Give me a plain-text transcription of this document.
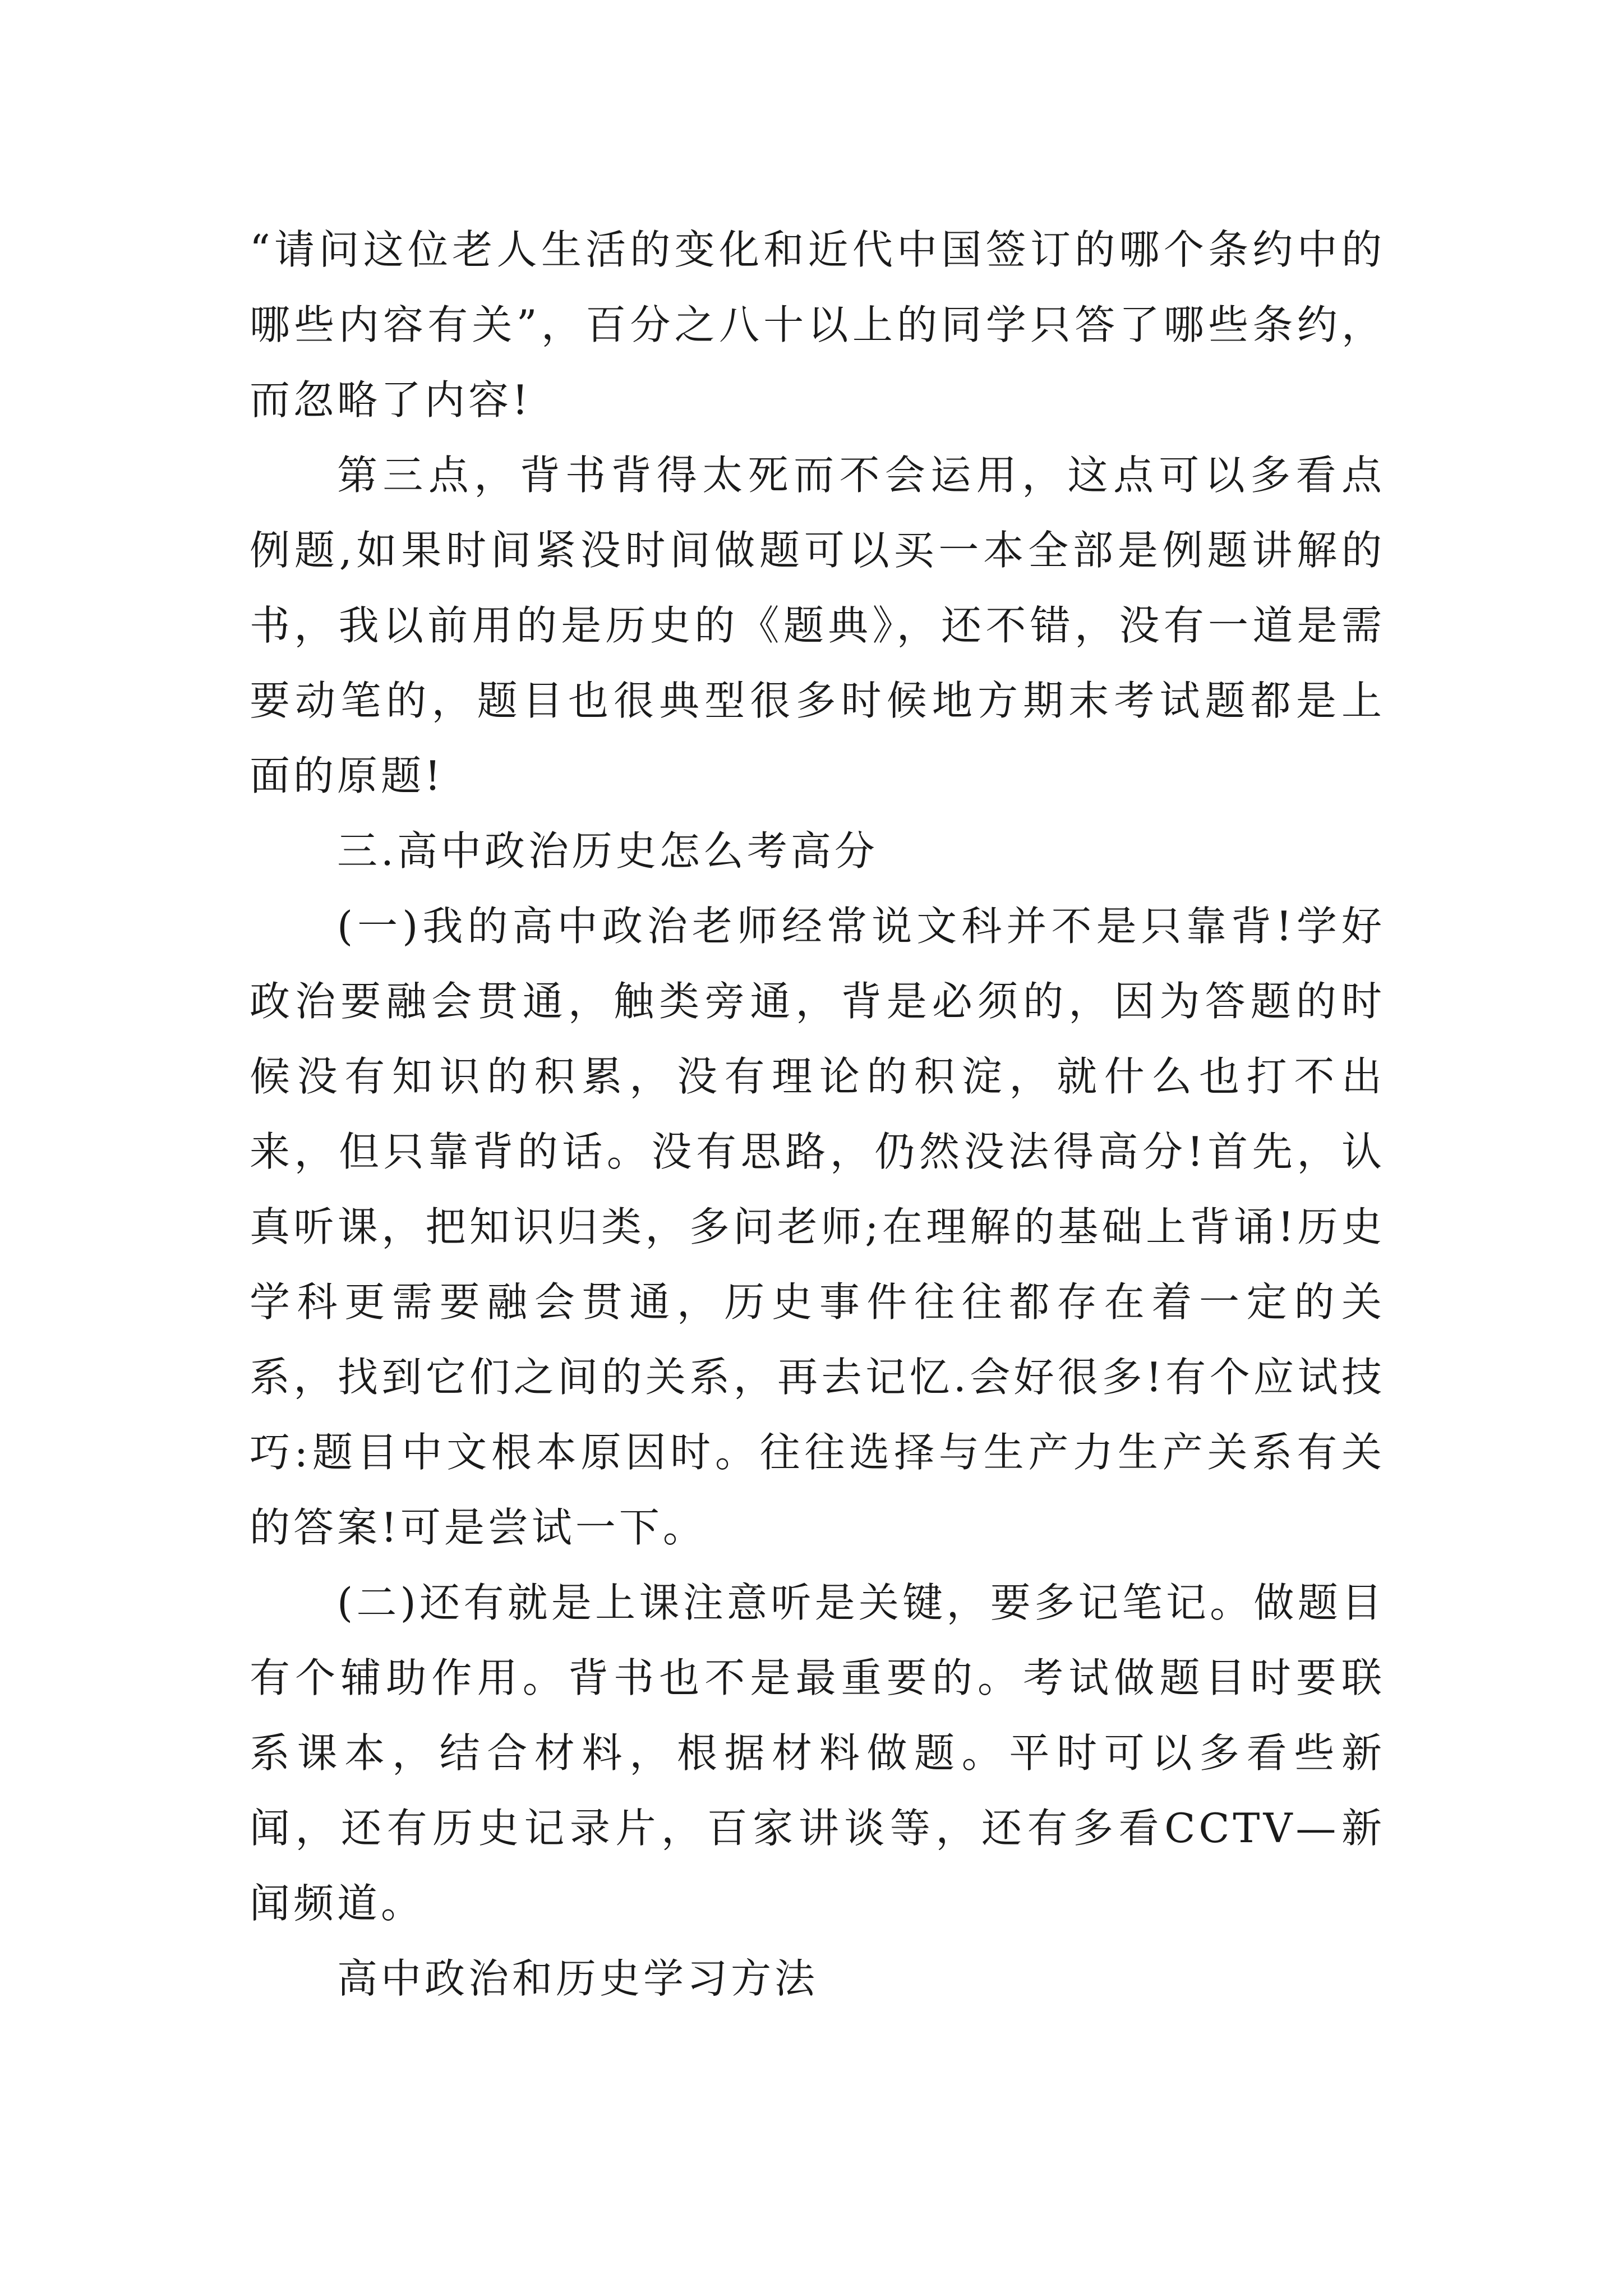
“请问这位老人生活的变化和近代中国签订的哪个条约中的哪些内容有关”，百分之八十以上的同学只答了哪些条约，而忽略了内容!

第三点，背书背得太死而不会运用，这点可以多看点例题,如果时间紧没时间做题可以买一本全部是例题讲解的书，我以前用的是历史的《题典》，还不错，没有一道是需要动笔的，题目也很典型很多时候地方期末考试题都是上面的原题!

三.高中政治历史怎么考高分

(一)我的高中政治老师经常说文科并不是只靠背!学好政治要融会贯通，触类旁通，背是必须的，因为答题的时候没有知识的积累，没有理论的积淀，就什么也打不出来，但只靠背的话。没有思路，仍然没法得高分!首先，认真听课，把知识归类，多问老师;在理解的基础上背诵!历史学科更需要融会贯通，历史事件往往都存在着一定的关系，找到它们之间的关系，再去记忆.会好很多!有个应试技巧:题目中文根本原因时。往往选择与生产力生产关系有关的答案!可是尝试一下。

(二)还有就是上课注意听是关键，要多记笔记。做题目有个辅助作用。背书也不是最重要的。考试做题目时要联系课本，结合材料，根据材料做题。平时可以多看些新闻，还有历史记录片，百家讲谈等，还有多看CCTV—新闻频道。

高中政治和历史学习方法
